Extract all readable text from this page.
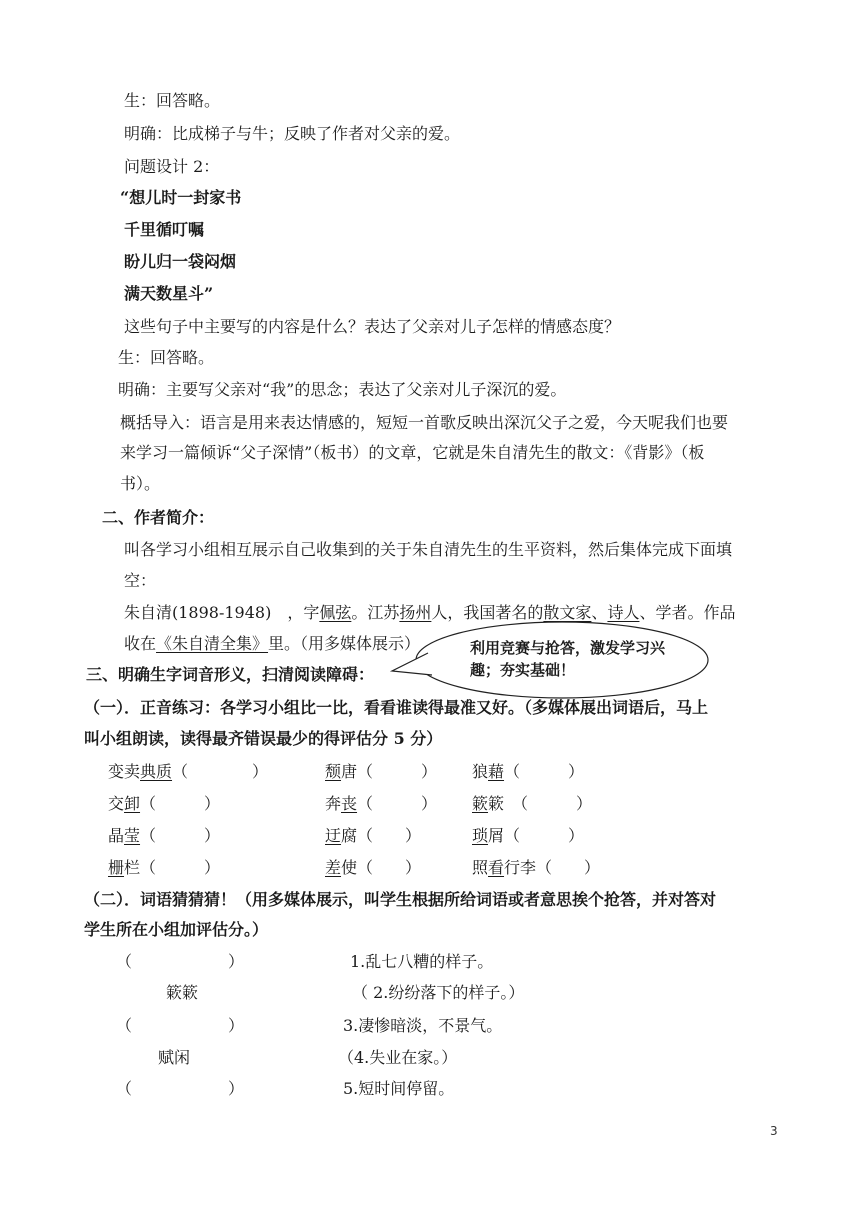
生：回答略。
明确：比成梯子与牛；反映了作者对父亲的爱。
问题设计 2：
“想儿时一封家书
千里循叮嘱
盼儿归一袋闷烟
满天数星斗”
这些句子中主要写的内容是什么？表达了父亲对儿子怎样的情感态度？
生：回答略。
明确：主要写父亲对“我”的思念；表达了父亲对儿子深沉的爱。
概括导入：语言是用来表达情感的，短短一首歌反映出深沉父子之爱，今天呢我们也要
来学习一篇倾诉“父子深情”（板书）的文章，它就是朱自清先生的散文：《背影》（板
书）。
二、作者简介：
叫各学习小组相互展示自己收集到的关于朱自清先生的生平资料，然后集体完成下面填
空：
朱自清(1898-1948)　，字佩弦。江苏扬州人，我国著名的散文家、诗人、学者。作品
收在《朱自清全集》里。（用多媒体展示）
三、明确生字词音形义，扫清阅读障碍：
利用竞赛与抢答，激发学习兴趣；夯实基础！
（一）．正音练习：各学习小组比一比，看看谁读得最准又好。（多媒体展出词语后，马上
叫小组朗读，读得最齐错误最少的得评估分 5 分）
变卖典质（　　　　）	颓唐（　　　） 狼藉（　　　）
交卸（　　　）	奔丧（　　　） 簌簌　（　　　）
晶莹（　　　）	迂腐（　　）	琐屑（　　　）
栅栏（　　　）	差使（　　）	照看行李（　　）
（二）．词语猜猜猜！（用多媒体展示，叫学生根据所给词语或者意思挨个抢答，并对答对
学生所在小组加评估分。）
（　　　　　　）	1.乱七八糟的样子。
簌簌	（ 2.纷纷落下的样子。）
（　　　　　　）	3.凄惨暗淡，不景气。
赋闲	（4.失业在家。）
（　　　　　　）	5.短时间停留。
3
